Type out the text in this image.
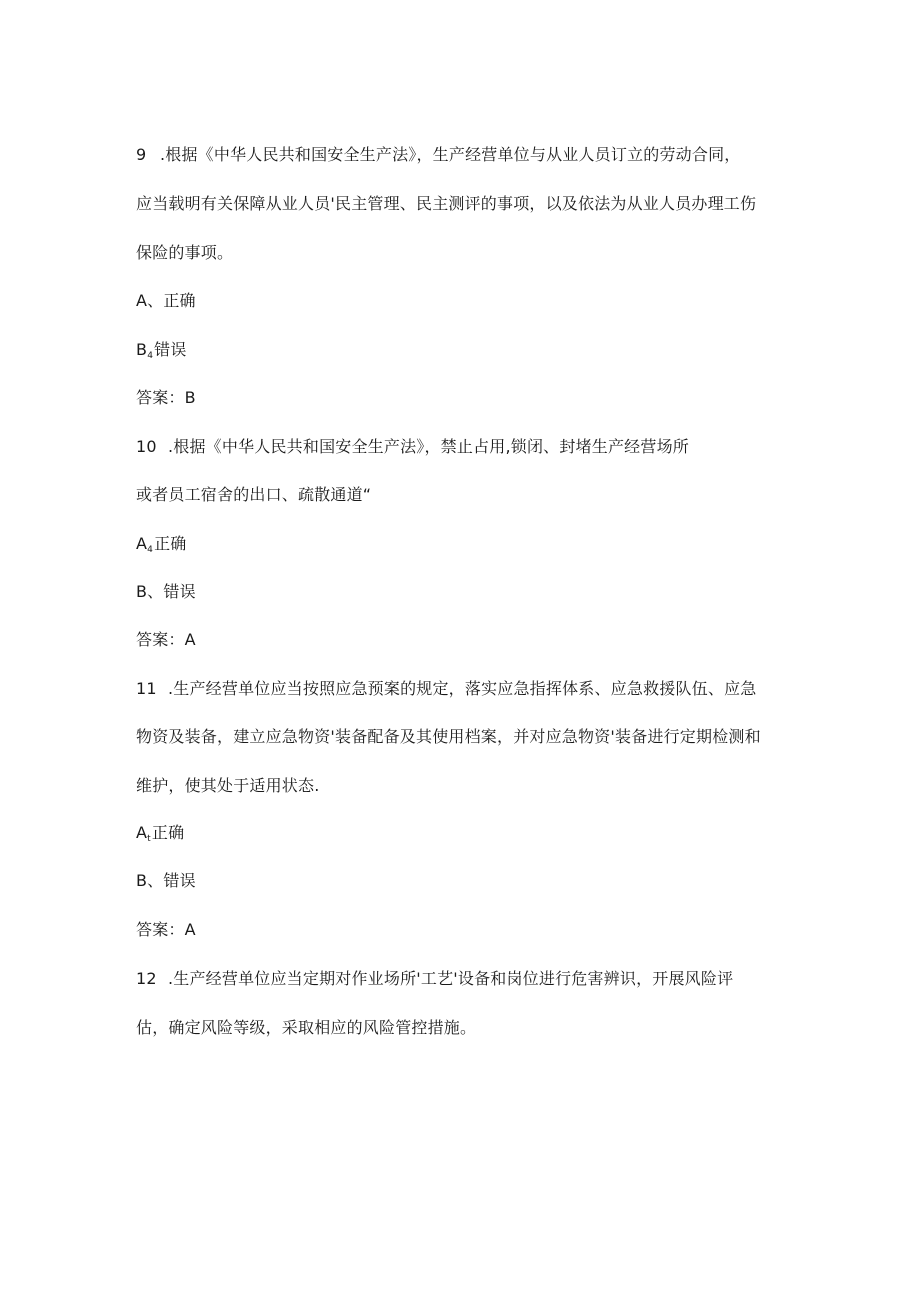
9 .根据《中华人民共和国安全生产法》，生产经营单位与从业人员订立的劳动合同，
应当载明有关保障从业人员'民主管理、民主测评的事项，以及依法为从业人员办理工伤
保险的事项。
A、正确
$B_4$错误
答案：B
10 .根据《中华人民共和国安全生产法》，禁止占用,锁闭、封堵生产经营场所
或者员工宿舍的出口、疏散通道“
$A_4$正确
B、错误
答案：A
11 .生产经营单位应当按照应急预案的规定，落实应急指挥体系、应急救援队伍、应急
物资及装备，建立应急物资'装备配备及其使用档案，并对应急物资'装备进行定期检测和
维护，使其处于适用状态.
$A_t$正确
B、错误
答案：A
12 .生产经营单位应当定期对作业场所'工艺'设备和岗位进行危害辨识，开展风险评
估，确定风险等级，采取相应的风险管控措施。
